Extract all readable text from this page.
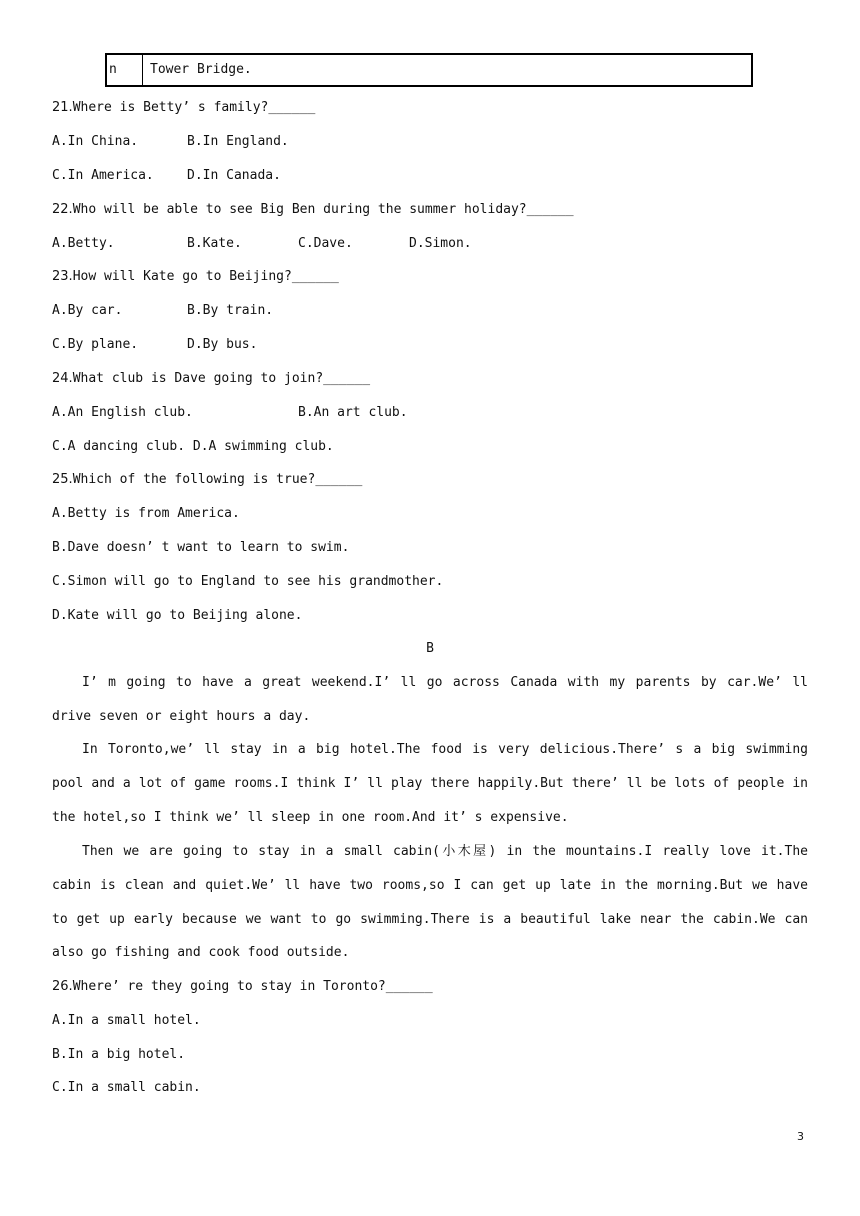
n	Tower Bridge.
21.Where is Betty’ s family?______
A.In China.	B.In England.
C.In America.	D.In Canada.
22.Who will be able to see Big Ben during the summer holiday?______
A.Betty.	B.Kate.	C.Dave.	D.Simon.
23.How will Kate go to Beijing?______
A.By car.	B.By train.
C.By plane.	D.By bus.
24.What club is Dave going to join?______
A.An English club.	B.An art club.
C.A dancing club. D.A swimming club.
25.Which of the following is true?______
A.Betty is from America.
B.Dave doesn’ t want to learn to swim.
C.Simon will go to England to see his grandmother.
D.Kate will go to Beijing alone.
B
I’ m going to have a great weekend.I’ ll go across Canada with my parents by car.We’ ll drive seven or eight hours a day.
In Toronto,we’ ll stay in a big hotel.The food is very delicious.There’ s a big swimming pool and a lot of game rooms.I think I’ ll play there happily.But there’ ll be lots of people in the hotel,so I think we’ ll sleep in one room.And it’ s expensive.
Then we are going to stay in a small cabin(小木屋) in the mountains.I really love it.The cabin is clean and quiet.We’ ll have two rooms,so I can get up late in the morning.But we have to get up early because we want to go swimming.There is a beautiful lake near the cabin.We can also go fishing and cook food outside.
26.Where’ re they going to stay in Toronto?______
A.In a small hotel.
B.In a big hotel.
C.In a small cabin.
3
